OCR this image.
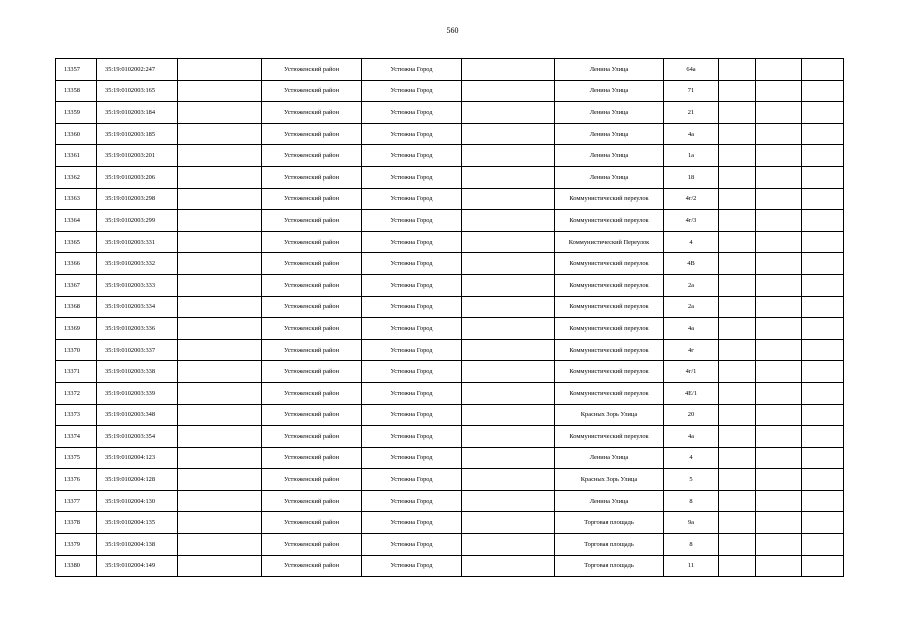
560
13357	35:19:0102002:247		Устюженский район	Устюжна Город		Ленина Улица	64а			
13358	35:19:0102003:165		Устюженский район	Устюжна Город		Ленина Улица	71			
13359	35:19:0102003:184		Устюженский район	Устюжна Город		Ленина Улица	21			
13360	35:19:0102003:185		Устюженский район	Устюжна Город		Ленина Улица	4а			
13361	35:19:0102003:201		Устюженский район	Устюжна Город		Ленина Улица	1а			
13362	35:19:0102003:206		Устюженский район	Устюжна Город		Ленина Улица	18			
13363	35:19:0102003:298		Устюженский район	Устюжна Город		Коммунистический переулок	4г/2			
13364	35:19:0102003:299		Устюженский район	Устюжна Город		Коммунистический переулок	4г/3			
13365	35:19:0102003:331		Устюженский район	Устюжна Город		Коммунистический Переулок	4			
13366	35:19:0102003:332		Устюженский район	Устюжна Город		Коммунистический переулок	4В			
13367	35:19:0102003:333		Устюженский район	Устюжна Город		Коммунистический переулок	2а			
13368	35:19:0102003:334		Устюженский район	Устюжна Город		Коммунистический переулок	2а			
13369	35:19:0102003:336		Устюженский район	Устюжна Город		Коммунистический переулок	4а			
13370	35:19:0102003:337		Устюженский район	Устюжна Город		Коммунистический переулок	4г			
13371	35:19:0102003:338		Устюженский район	Устюжна Город		Коммунистический переулок	4г/1			
13372	35:19:0102003:339		Устюженский район	Устюжна Город		Коммунистический переулок	4Е/1			
13373	35:19:0102003:348		Устюженский район	Устюжна Город		Красных Зорь Улица	20			
13374	35:19:0102003:354		Устюженский район	Устюжна Город		Коммунистический переулок	4а			
13375	35:19:0102004:123		Устюженский район	Устюжна Город		Ленина Улица	4			
13376	35:19:0102004:128		Устюженский район	Устюжна Город		Красных Зорь Улица	5			
13377	35:19:0102004:130		Устюженский район	Устюжна Город		Ленина Улица	8			
13378	35:19:0102004:135		Устюженский район	Устюжна Город		Торговая площадь	9а			
13379	35:19:0102004:138		Устюженский район	Устюжна Город		Торговая площадь	8			
13380	35:19:0102004:149		Устюженский район	Устюжна Город		Торговая площадь	11			
